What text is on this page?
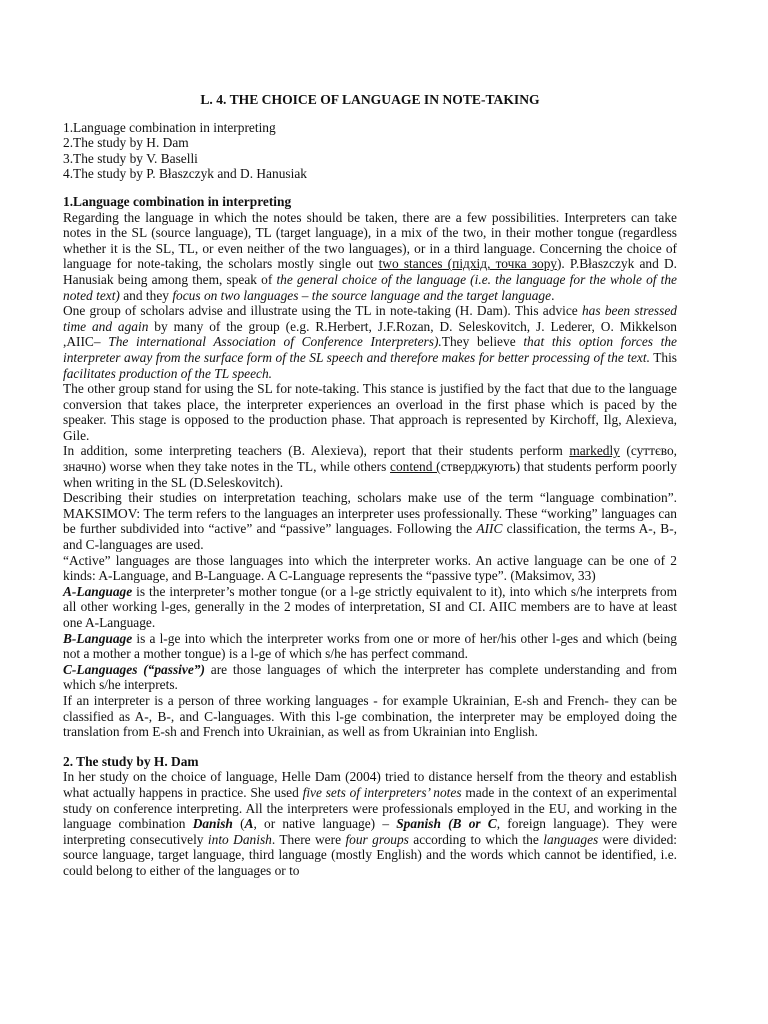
L. 4. THE CHOICE OF LANGUAGE IN NOTE-TAKING
1.Language combination in interpreting
2.The study by H. Dam
3.The study by V. Baselli
4.The study by P. Błaszczyk and D. Hanusiak
1.Language combination in interpreting

Regarding the language in which the notes should be taken, there are a few possibilities. Interpreters can take notes in the SL (source language), TL (target language), in a mix of the two, in their mother tongue (regardless whether it is the SL, TL, or even neither of the two languages), or in a third language. Concerning the choice of language for note-taking, the scholars mostly single out two stances (підхід, точка зору). P.Błaszczyk and D. Hanusiak being among them, speak of the general choice of the language (i.e. the language for the whole of the noted text) and they focus on two languages – the source language and the target language.

One group of scholars advise and illustrate using the TL in note-taking (H. Dam). This advice has been stressed time and again by many of the group (e.g. R.Herbert, J.F.Rozan, D. Seleskovitch, J. Lederer, O. Mikkelson ,AIIC– The international Association of Conference Interpreters).They believe that this option forces the interpreter away from the surface form of the SL speech and therefore makes for better processing of the text. This facilitates production of the TL speech.

The other group stand for using the SL for note-taking. This stance is justified by the fact that due to the language conversion that takes place, the interpreter experiences an overload in the first phase which is paced by the speaker. This stage is opposed to the production phase. That approach is represented by Kirchoff, Ilg, Alexieva, Gile.

In addition, some interpreting teachers (B. Alexieva), report that their students perform markedly (суттєво, значно) worse when they take notes in the TL, while others contend (стверджують) that students perform poorly when writing in the SL (D.Seleskovitch).

Describing their studies on interpretation teaching, scholars make use of the term “language combination”. MAKSIMOV: The term refers to the languages an interpreter uses professionally. These “working” languages can be further subdivided into “active” and “passive” languages. Following the AIIC classification, the terms A-, B-, and C-languages are used.

“Active” languages are those languages into which the interpreter works. An active language can be one of 2 kinds: A-Language, and B-Language. A C-Language represents the “passive type”. (Maksimov, 33)

A-Language is the interpreter’s mother tongue (or a l-ge strictly equivalent to it), into which s/he interprets from all other working l-ges, generally in the 2 modes of interpretation, SI and CI. AIIC members are to have at least one A-Language.

B-Language is a l-ge into which the interpreter works from one or more of her/his other l-ges and which (being not a mother a mother tongue) is a l-ge of which s/he has perfect command.

C-Languages (“passive”) are those languages of which the interpreter has complete understanding and from which s/he interprets.

If an interpreter is a person of three working languages - for example Ukrainian, E-sh and French- they can be classified as A-, B-, and C-languages. With this l-ge combination, the interpreter may be employed doing the translation from E-sh and French into Ukrainian, as well as from Ukrainian into English.

2. The study by H. Dam

In her study on the choice of language, Helle Dam (2004) tried to distance herself from the theory and establish what actually happens in practice. She used five sets of interpreters’ notes made in the context of an experimental study on conference interpreting. All the interpreters were professionals employed in the EU, and working in the language combination Danish (A, or native language) – Spanish (B or C, foreign language). They were interpreting consecutively into Danish. There were four groups according to which the languages were divided: source language, target language, third language (mostly English) and the words which cannot be identified, i.e. could belong to either of the languages or to
